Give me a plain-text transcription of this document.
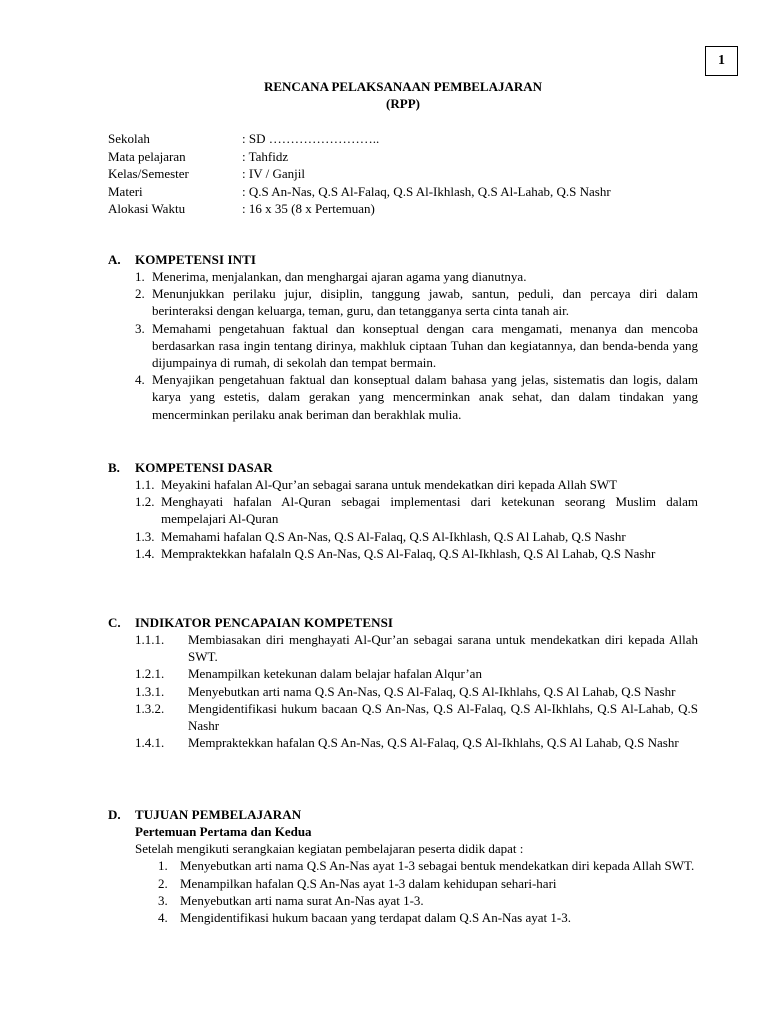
1
RENCANA PELAKSANAAN PEMBELAJARAN
(RPP)
Sekolah	: SD ……………………..
Mata pelajaran	: Tahfidz
Kelas/Semester	: IV / Ganjil
Materi	: Q.S An-Nas, Q.S Al-Falaq, Q.S Al-Ikhlash, Q.S Al-Lahab, Q.S Nashr
Alokasi Waktu	: 16 x 35 (8 x Pertemuan)
A. KOMPETENSI INTI
1. Menerima, menjalankan, dan menghargai ajaran agama yang dianutnya.
2. Menunjukkan perilaku jujur, disiplin, tanggung jawab, santun, peduli, dan percaya diri dalam berinteraksi dengan keluarga, teman, guru, dan tetangganya serta cinta tanah air.
3. Memahami pengetahuan faktual dan konseptual dengan cara mengamati, menanya dan mencoba berdasarkan rasa ingin tentang dirinya, makhluk ciptaan Tuhan dan kegiatannya, dan benda-benda yang dijumpainya di rumah, di sekolah dan tempat bermain.
4. Menyajikan pengetahuan faktual dan konseptual dalam bahasa yang jelas, sistematis dan logis, dalam karya yang estetis, dalam gerakan yang mencerminkan anak sehat, dan dalam tindakan yang mencerminkan perilaku anak beriman dan berakhlak mulia.
B. KOMPETENSI DASAR
1.1. Meyakini hafalan Al-Qur’an sebagai sarana untuk mendekatkan diri kepada Allah SWT
1.2. Menghayati hafalan Al-Quran sebagai implementasi dari ketekunan seorang Muslim dalam mempelajari Al-Quran
1.3. Memahami hafalan Q.S An-Nas, Q.S Al-Falaq, Q.S Al-Ikhlash, Q.S Al Lahab, Q.S Nashr
1.4. Mempraktekkan hafalaln Q.S An-Nas, Q.S Al-Falaq, Q.S Al-Ikhlash, Q.S Al Lahab, Q.S Nashr
C. INDIKATOR PENCAPAIAN KOMPETENSI
1.1.1. Membiasakan diri menghayati Al-Qur’an sebagai sarana untuk mendekatkan diri kepada Allah SWT.
1.2.1. Menampilkan ketekunan dalam belajar hafalan Alqur’an
1.3.1. Menyebutkan arti nama Q.S An-Nas, Q.S Al-Falaq, Q.S Al-Ikhlahs, Q.S Al Lahab, Q.S Nashr
1.3.2. Mengidentifikasi hukum bacaan Q.S An-Nas, Q.S Al-Falaq, Q.S Al-Ikhlahs, Q.S Al-Lahab, Q.S Nashr
1.4.1. Mempraktekkan hafalan Q.S An-Nas, Q.S Al-Falaq, Q.S Al-Ikhlahs, Q.S Al Lahab, Q.S Nashr
D. TUJUAN PEMBELAJARAN
Pertemuan Pertama dan Kedua
Setelah mengikuti serangkaian kegiatan pembelajaran peserta didik dapat :
1. Menyebutkan arti nama Q.S An-Nas ayat 1-3 sebagai bentuk mendekatkan diri kepada Allah SWT.
2. Menampilkan hafalan Q.S An-Nas ayat 1-3 dalam kehidupan sehari-hari
3. Menyebutkan arti nama surat An-Nas ayat 1-3.
4. Mengidentifikasi hukum bacaan yang terdapat dalam Q.S An-Nas ayat 1-3.
